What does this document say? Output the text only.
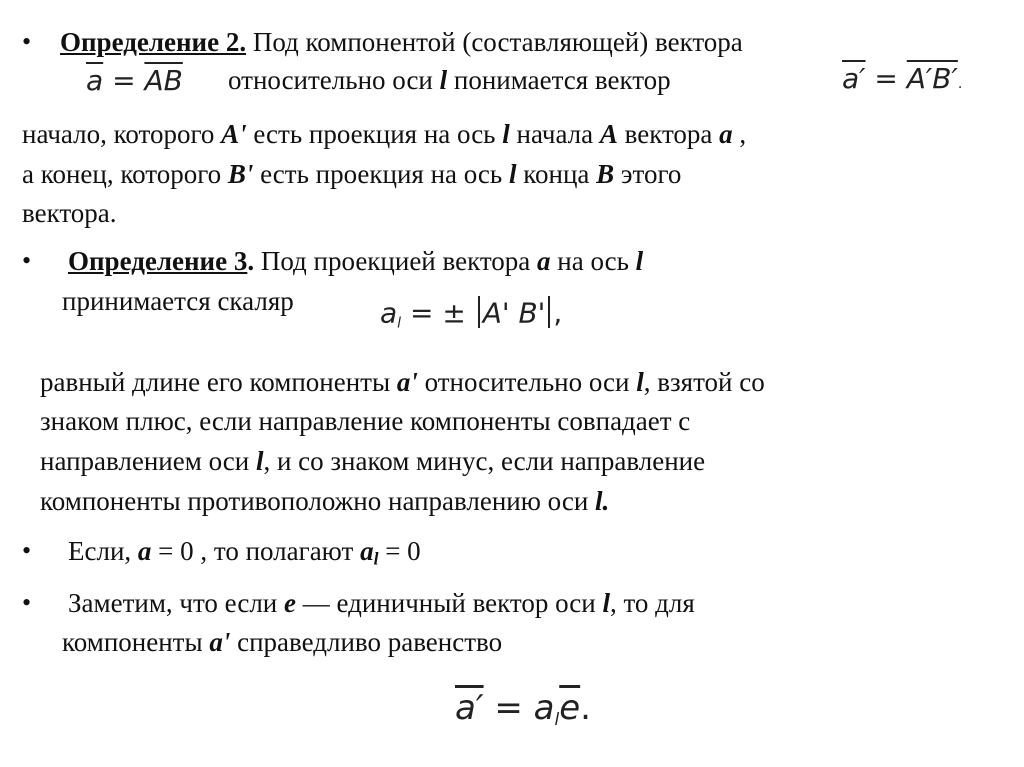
• Определение 2. Под компонентой (составляющей) вектора
$\overline{a} = \overline{AB}$ относительно оси l понимается вектор	a′ = A′B′.
начало, которого A' есть проекция на ось l начала A вектора a ,
а конец, которого B' есть проекция на ось l конца B этого
вектора.
• Определение 3. Под проекцией вектора a на ось l
принимается скаляр	$a_l$ = ± A' B' ,
равный длине его компоненты a' относительно оси l, взятой со
знаком плюс, если направление компоненты совпадает с
направлением оси l, и со знаком минус, если направление
компоненты противоположно направлению оси l.
• Если, a = 0 , то полагают $a_l = 0$
• Заметим, что если e — единичный вектор оси l, то для
компоненты a' справедливо равенство
$a' = a_l\overline{e}$.
